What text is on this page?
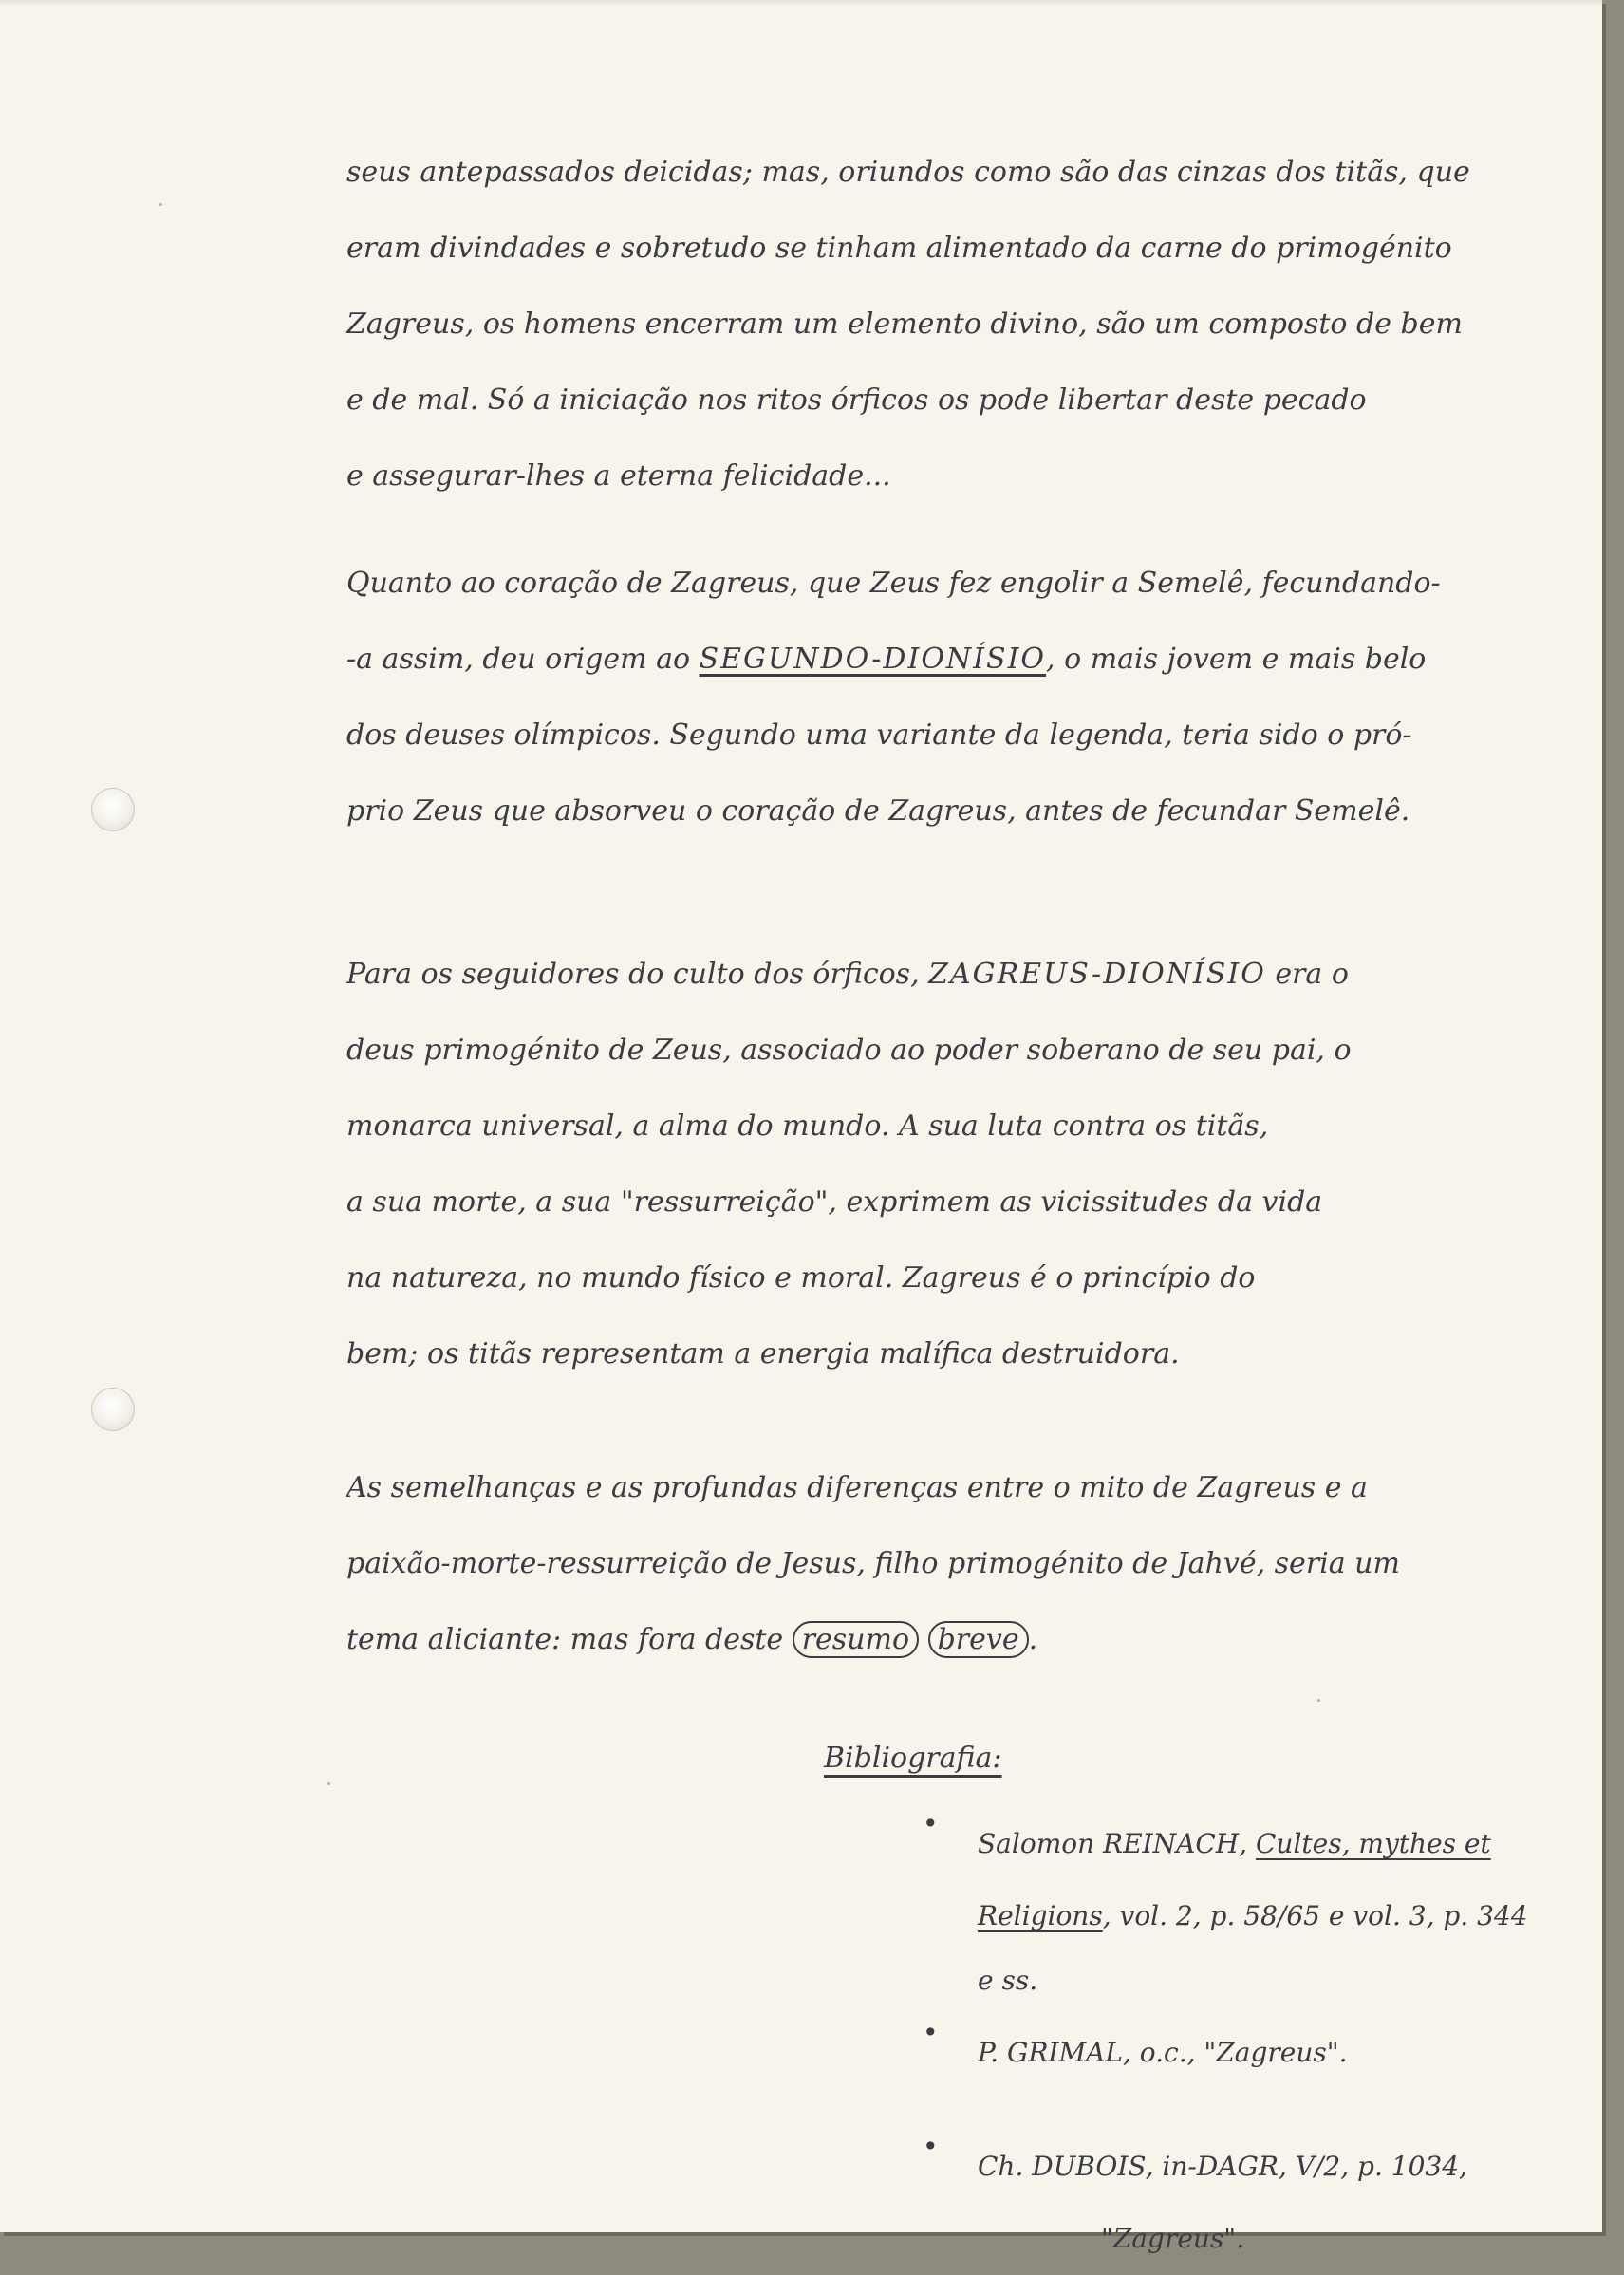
seus antepassados deicidas; mas, oriundos como são das cinzas dos titãs, que
eram divindades e sobretudo se tinham alimentado da carne do primogénito
Zagreus, os homens encerram um elemento divino, são um composto de bem
e de mal. Só a iniciação nos ritos órficos os pode libertar deste pecado
e assegurar-lhes a eterna felicidade...
Quanto ao coração de Zagreus, que Zeus fez engolir a Semelê, fecundando-
-a assim, deu origem ao SEGUNDO-DIONÍSIO, o mais jovem e mais belo
dos deuses olímpicos. Segundo uma variante da legenda, teria sido o pró-
prio Zeus que absorveu o coração de Zagreus, antes de fecundar Semelê.
Para os seguidores do culto dos órficos, ZAGREUS-DIONÍSIO era o
deus primogénito de Zeus, associado ao poder soberano de seu pai, o
monarca universal, a alma do mundo. A sua luta contra os titãs,
a sua morte, a sua "ressurreição", exprimem as vicissitudes da vida
na natureza, no mundo físico e moral. Zagreus é o princípio do
bem; os titãs representam a energia malífica destruidora.
As semelhanças e as profundas diferenças entre o mito de Zagreus e a
paixão-morte-ressurreição de Jesus, filho primogénito de Jahvé, seria um
tema aliciante: mas fora deste resumo breve .
Bibliografia:
•
Salomon REINACH, Cultes, mythes et
Religions, vol. 2, p. 58/65 e vol. 3, p. 344
e ss.
•
P. GRIMAL, o.c., "Zagreus".
•
Ch. DUBOIS, in-DAGR, V/2, p. 1034,
"Zagreus".
